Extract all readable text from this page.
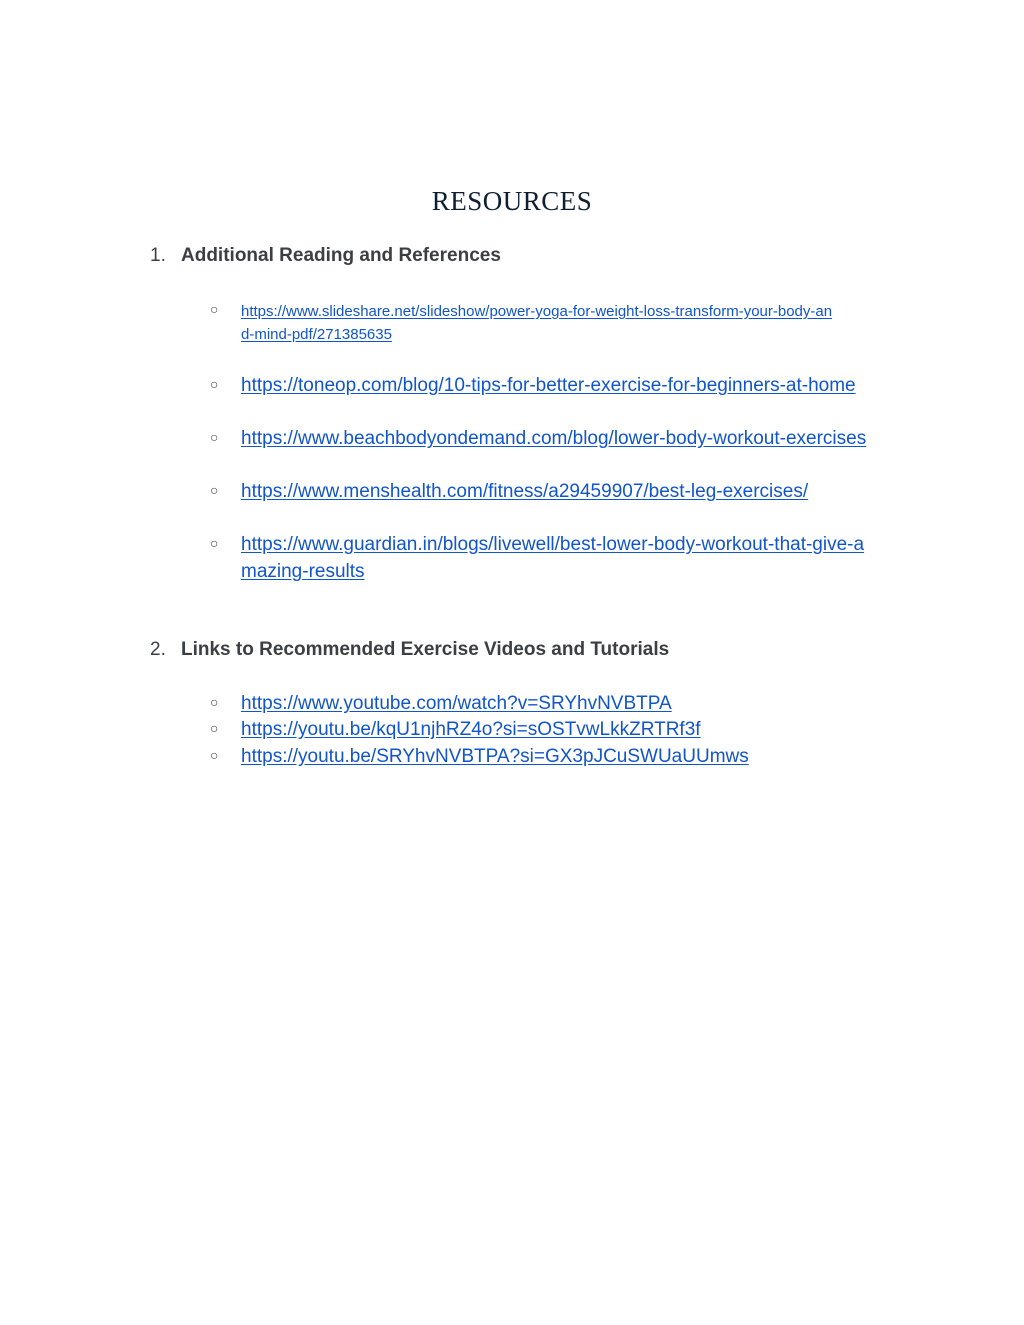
RESOURCES
1. Additional Reading and References
○ https://www.slideshare.net/slideshow/power-yoga-for-weight-loss-transform-your-body-an
d-mind-pdf/271385635
○ https://toneop.com/blog/10-tips-for-better-exercise-for-beginners-at-home
○ https://www.beachbodyondemand.com/blog/lower-body-workout-exercises
○ https://www.menshealth.com/fitness/a29459907/best-leg-exercises/
○ https://www.guardian.in/blogs/livewell/best-lower-body-workout-that-give-a
mazing-results
2. Links to Recommended Exercise Videos and Tutorials
○ https://www.youtube.com/watch?v=SRYhvNVBTPA
○ https://youtu.be/kqU1njhRZ4o?si=sOSTvwLkkZRTRf3f
○ https://youtu.be/SRYhvNVBTPA?si=GX3pJCuSWUaUUmws
